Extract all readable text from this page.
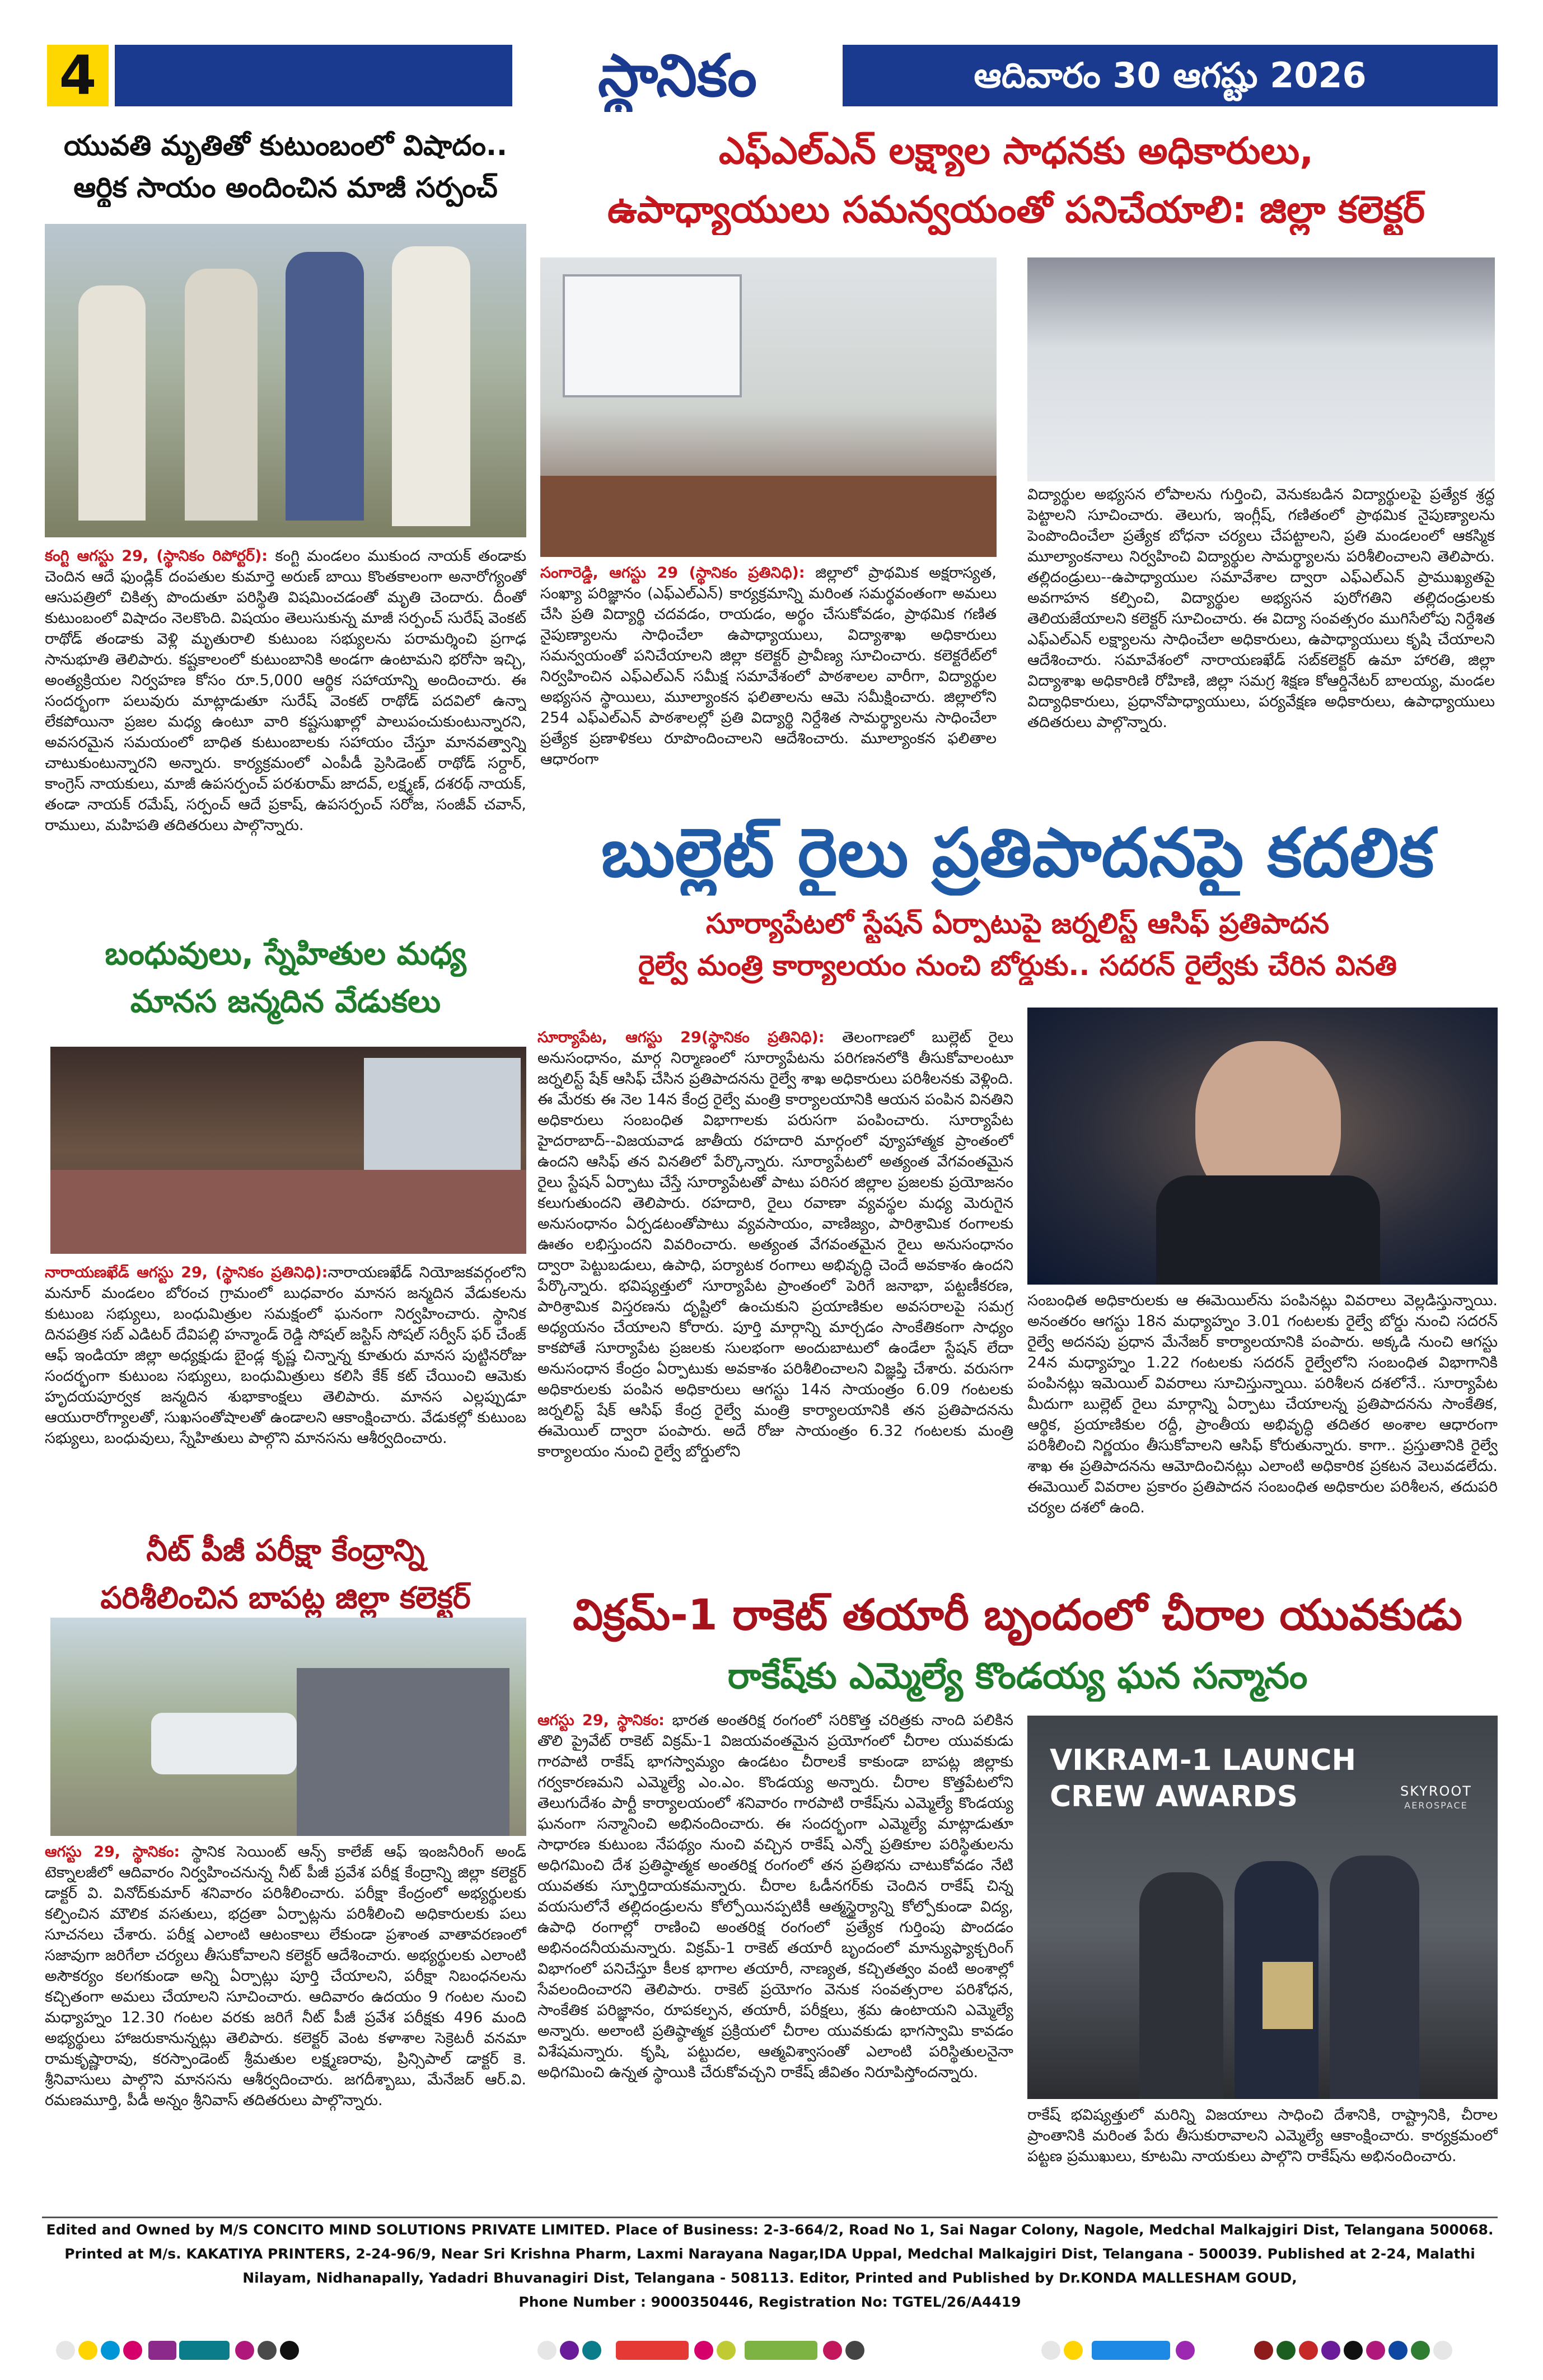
4	స్థానికం	ఆదివారం 30 ఆగష్టు 2026
యువతి మృతితో కుటుంబంలో విషాదం..
ఆర్థిక సాయం అందించిన మాజీ సర్పంచ్
కంగ్టి ఆగస్టు 29, (స్థానికం రిపోర్టర్): కంగ్టి మండలం ముకుంద నాయక్ తండాకు చెందిన ఆదే ఫుండ్లిక్ దంపతుల కుమార్తె అరుణ్ బాయి కొంతకాలంగా అనారోగ్యంతో ఆసుపత్రిలో చికిత్స పొందుతూ పరిస్థితి విషమించడంతో మృతి చెందారు. దీంతో కుటుంబంలో విషాదం నెలకొంది. విషయం తెలుసుకున్న మాజీ సర్పంచ్ సురేష్ వెంకట్ రాథోడ్ తండాకు వెళ్లి మృతురాలి కుటుంబ సభ్యులను పరామర్శించి ప్రగాఢ సానుభూతి తెలిపారు. కష్టకాలంలో కుటుంబానికి అండగా ఉంటామని భరోసా ఇచ్చి, అంత్యక్రియల నిర్వహణ కోసం రూ.5,000 ఆర్థిక సహాయాన్ని అందించారు. ఈ సందర్భంగా పలువురు మాట్లాడుతూ సురేష్ వెంకట్ రాథోడ్ పదవిలో ఉన్నా లేకపోయినా ప్రజల మధ్య ఉంటూ వారి కష్టసుఖాల్లో పాలుపంచుకుంటున్నారని, అవసరమైన సమయంలో బాధిత కుటుంబాలకు సహాయం చేస్తూ మానవత్వాన్ని చాటుకుంటున్నారని అన్నారు. కార్యక్రమంలో ఎంపీడీ ప్రెసిడెంట్ రాథోడ్ సర్దార్, కాంగ్రెస్ నాయకులు, మాజీ ఉపసర్పంచ్ పరశురామ్ జాదవ్, లక్ష్మణ్, దశరథ్ నాయక్, తండా నాయక్ రమేష్, సర్పంచ్ ఆదే ప్రకాష్, ఉపసర్పంచ్ సరోజ, సంజీవ్ చవాన్, రాములు, మహిపతి తదితరులు పాల్గొన్నారు.
బంధువులు, స్నేహితుల మధ్య
మానస జన్మదిన వేడుకలు
నారాయణఖేడ్ ఆగస్టు 29, (స్థానికం ప్రతినిధి):నారాయణఖేడ్ నియోజకవర్గంలోని మనూర్ మండలం బోరంచ గ్రామంలో బుధవారం మానస జన్మదిన వేడుకలను కుటుంబ సభ్యులు, బంధుమిత్రుల సమక్షంలో ఘనంగా నిర్వహించారు. స్థానిక దినపత్రిక సబ్ ఎడిటర్ దేవిపల్లి హన్మాండ్ రెడ్డి సోషల్ జస్టిస్ సోషల్ సర్వీస్ ఫర్ చేంజ్ ఆఫ్ ఇండియా జిల్లా అధ్యక్షుడు బైండ్ల కృష్ణ చిన్నాన్న కూతురు మానస పుట్టినరోజు సందర్భంగా కుటుంబ సభ్యులు, బంధుమిత్రులు కలిసి కేక్ కట్ చేయించి ఆమెకు హృదయపూర్వక జన్మదిన శుభాకాంక్షలు తెలిపారు. మానస ఎల్లప్పుడూ ఆయురారోగ్యాలతో, సుఖసంతోషాలతో ఉండాలని ఆకాంక్షించారు. వేడుకల్లో కుటుంబ సభ్యులు, బంధువులు, స్నేహితులు పాల్గొని మానసను ఆశీర్వదించారు.
నీట్ పీజీ పరీక్షా కేంద్రాన్ని
పరిశీలించిన బాపట్ల జిల్లా కలెక్టర్
ఆగస్టు 29, స్థానికం: స్థానిక సెయింట్ ఆన్స్ కాలేజ్ ఆఫ్ ఇంజనీరింగ్ అండ్ టెక్నాలజీలో ఆదివారం నిర్వహించనున్న నీట్ పీజీ ప్రవేశ పరీక్ష కేంద్రాన్ని జిల్లా కలెక్టర్ డాక్టర్ వి. వినోద్‌కుమార్ శనివారం పరిశీలించారు. పరీక్షా కేంద్రంలో అభ్యర్థులకు కల్పించిన మౌలిక వసతులు, భద్రతా ఏర్పాట్లను పరిశీలించి అధికారులకు పలు సూచనలు చేశారు. పరీక్ష ఎలాంటి ఆటంకాలు లేకుండా ప్రశాంత వాతావరణంలో సజావుగా జరిగేలా చర్యలు తీసుకోవాలని కలెక్టర్ ఆదేశించారు. అభ్యర్థులకు ఎలాంటి అసౌకర్యం కలగకుండా అన్ని ఏర్పాట్లు పూర్తి చేయాలని, పరీక్షా నిబంధనలను కచ్చితంగా అమలు చేయాలని సూచించారు. ఆదివారం ఉదయం 9 గంటల నుంచి మధ్యాహ్నం 12.30 గంటల వరకు జరిగే నీట్ పీజీ ప్రవేశ పరీక్షకు 496 మంది అభ్యర్థులు హాజరుకానున్నట్లు తెలిపారు. కలెక్టర్ వెంట కళాశాల సెక్రెటరీ వనమా రామకృష్ణారావు, కరస్పాండెంట్ శ్రీమతుల లక్ష్మణరావు, ప్రిన్సిపాల్ డాక్టర్ కె. శ్రీనివాసులు పాల్గొని మానసను ఆశీర్వదించారు. జగదీశ్బాబు, మేనేజర్ ఆర్.వి. రమణమూర్తి, పీడీ అన్నం శ్రీనివాస్ తదితరులు పాల్గొన్నారు.
ఎఫ్ఎల్ఎన్ లక్ష్యాల సాధనకు అధికారులు,
ఉపాధ్యాయులు సమన్వయంతో పనిచేయాలి: జిల్లా కలెక్టర్
సంగారెడ్డి, ఆగస్టు 29 (స్థానికం ప్రతినిధి): జిల్లాలో ప్రాథమిక అక్షరాస్యత, సంఖ్యా పరిజ్ఞానం (ఎఫ్ఎల్ఎన్) కార్యక్రమాన్ని మరింత సమర్థవంతంగా అమలు చేసి ప్రతి విద్యార్థి చదవడం, రాయడం, అర్థం చేసుకోవడం, ప్రాథమిక గణిత నైపుణ్యాలను సాధించేలా ఉపాధ్యాయులు, విద్యాశాఖ అధికారులు సమన్వయంతో పనిచేయాలని జిల్లా కలెక్టర్ ప్రావీణ్య సూచించారు. కలెక్టరేట్‌లో నిర్వహించిన ఎఫ్ఎల్ఎన్ సమీక్ష సమావేశంలో పాఠశాలల వారీగా, విద్యార్థుల అభ్యసన స్థాయిలు, మూల్యాంకన ఫలితాలను ఆమె సమీక్షించారు. జిల్లాలోని 254 ఎఫ్ఎల్ఎన్ పాఠశాలల్లో ప్రతి విద్యార్థి నిర్దేశిత సామర్థ్యాలను సాధించేలా ప్రత్యేక ప్రణాళికలు రూపొందించాలని ఆదేశించారు. మూల్యాంకన ఫలితాల ఆధారంగా
విద్యార్థుల అభ్యసన లోపాలను గుర్తించి, వెనుకబడిన విద్యార్థులపై ప్రత్యేక శ్రద్ధ పెట్టాలని సూచించారు. తెలుగు, ఇంగ్లీష్, గణితంలో ప్రాథమిక నైపుణ్యాలను పెంపొందించేలా ప్రత్యేక బోధనా చర్యలు చేపట్టాలని, ప్రతి మండలంలో ఆకస్మిక మూల్యాంకనాలు నిర్వహించి విద్యార్థుల సామర్థ్యాలను పరిశీలించాలని తెలిపారు. తల్లిదండ్రులు--ఉపాధ్యాయుల సమావేశాల ద్వారా ఎఫ్ఎల్ఎన్ ప్రాముఖ్యతపై అవగాహన కల్పించి, విద్యార్థుల అభ్యసన పురోగతిని తల్లిదండ్రులకు తెలియజేయాలని కలెక్టర్ సూచించారు. ఈ విద్యా సంవత్సరం ముగిసేలోపు నిర్దేశిత ఎఫ్ఎల్ఎన్ లక్ష్యాలను సాధించేలా అధికారులు, ఉపాధ్యాయులు కృషి చేయాలని ఆదేశించారు. సమావేశంలో నారాయణఖేడ్ సబ్‌కలెక్టర్ ఉమా హారతి, జిల్లా విద్యాశాఖ అధికారిణి రోహిణి, జిల్లా సమగ్ర శిక్షణ కోఆర్డినేటర్ బాలయ్య, మండల విద్యాధికారులు, ప్రధానోపాధ్యాయులు, పర్యవేక్షణ అధికారులు, ఉపాధ్యాయులు తదితరులు పాల్గొన్నారు.
బుల్లెట్ రైలు ప్రతిపాదనపై కదలిక
సూర్యాపేటలో స్టేషన్ ఏర్పాటుపై జర్నలిస్ట్ ఆసిఫ్ ప్రతిపాదన
రైల్వే మంత్రి కార్యాలయం నుంచి బోర్డుకు.. సదరన్ రైల్వేకు చేరిన వినతి
సూర్యాపేట, ఆగస్టు 29(స్థానికం ప్రతినిధి): తెలంగాణలో బుల్లెట్ రైలు అనుసంధానం, మార్గ నిర్మాణంలో సూర్యాపేటను పరిగణనలోకి తీసుకోవాలంటూ జర్నలిస్ట్ షేక్ ఆసిఫ్ చేసిన ప్రతిపాదనను రైల్వే శాఖ అధికారులు పరిశీలనకు వెళ్లింది. ఈ మేరకు ఈ నెల 14న కేంద్ర రైల్వే మంత్రి కార్యాలయానికి ఆయన పంపిన వినతిని అధికారులు సంబంధిత విభాగాలకు పరుసగా పంపించారు. సూర్యాపేట హైదరాబాద్--విజయవాడ జాతీయ రహదారి మార్గంలో వ్యూహాత్మక ప్రాంతంలో ఉందని ఆసిఫ్ తన వినతిలో పేర్కొన్నారు. సూర్యాపేటలో అత్యంత వేగవంతమైన రైలు స్టేషన్ ఏర్పాటు చేస్తే సూర్యాపేటతో పాటు పరిసర జిల్లాల ప్రజలకు ప్రయోజనం కలుగుతుందని తెలిపారు. రహదారి, రైలు రవాణా వ్యవస్థల మధ్య మెరుగైన అనుసంధానం ఏర్పడటంతోపాటు వ్యవసాయం, వాణిజ్యం, పారిశ్రామిక రంగాలకు ఊతం లభిస్తుందని వివరించారు. అత్యంత వేగవంతమైన రైలు అనుసంధానం ద్వారా పెట్టుబడులు, ఉపాధి, పర్యాటక రంగాలు అభివృద్ధి చెందే అవకాశం ఉందని పేర్కొన్నారు. భవిష్యత్తులో సూర్యాపేట ప్రాంతంలో పెరిగే జనాభా, పట్టణీకరణ, పారిశ్రామిక విస్తరణను దృష్టిలో ఉంచుకుని ప్రయాణికుల అవసరాలపై సమగ్ర అధ్యయనం చేయాలని కోరారు. పూర్తి మార్గాన్ని మార్చడం సాంకేతికంగా సాధ్యం కాకపోతే సూర్యాపేట ప్రజలకు సులభంగా అందుబాటులో ఉండేలా స్టేషన్ లేదా అనుసంధాన కేంద్రం ఏర్పాటుకు అవకాశం పరిశీలించాలని విజ్ఞప్తి చేశారు. వరుసగా అధికారులకు పంపిన అధికారులు ఆగస్టు 14న సాయంత్రం 6.09 గంటలకు జర్నలిస్ట్ షేక్ ఆసిఫ్ కేంద్ర రైల్వే మంత్రి కార్యాలయానికి తన ప్రతిపాదనను ఈమెయిల్ ద్వారా పంపారు. అదే రోజు సాయంత్రం 6.32 గంటలకు మంత్రి కార్యాలయం నుంచి రైల్వే బోర్డులోని
సంబంధిత అధికారులకు ఆ ఈమెయిల్‌ను పంపినట్లు వివరాలు వెల్లడిస్తున్నాయి. అనంతరం ఆగస్టు 18న మధ్యాహ్నం 3.01 గంటలకు రైల్వే బోర్డు నుంచి సదరన్ రైల్వే అదనపు ప్రధాన మేనేజర్ కార్యాలయానికి పంపారు. అక్కడి నుంచి ఆగస్టు 24న మధ్యాహ్నం 1.22 గంటలకు సదరన్ రైల్వేలోని సంబంధిత విభాగానికి పంపినట్లు ఇమెయిల్ వివరాలు సూచిస్తున్నాయి. పరిశీలన దశలోనే.. సూర్యాపేట మీదుగా బుల్లెట్ రైలు మార్గాన్ని ఏర్పాటు చేయాలన్న ప్రతిపాదనను సాంకేతిక, ఆర్థిక, ప్రయాణికుల రద్దీ, ప్రాంతీయ అభివృద్ధి తదితర అంశాల ఆధారంగా పరిశీలించి నిర్ణయం తీసుకోవాలని ఆసిఫ్ కోరుతున్నారు. కాగా.. ప్రస్తుతానికి రైల్వే శాఖ ఈ ప్రతిపాదనను ఆమోదించినట్లు ఎలాంటి అధికారిక ప్రకటన వెలువడలేదు. ఈమెయిల్ వివరాల ప్రకారం ప్రతిపాదన సంబంధిత అధికారుల పరిశీలన, తదుపరి చర్యల దశలో ఉంది.
విక్రమ్-1 రాకెట్ తయారీ బృందంలో చీరాల యువకుడు
రాకేష్‌కు ఎమ్మెల్యే కొండయ్య ఘన సన్మానం
ఆగస్టు 29, స్థానికం: భారత అంతరిక్ష రంగంలో సరికొత్త చరిత్రకు నాంది పలికిన తొలి ప్రైవేట్ రాకెట్ విక్రమ్-1 విజయవంతమైన ప్రయోగంలో చీరాల యువకుడు గారపాటి రాకేష్ భాగస్వామ్యం ఉండటం చీరాలకే కాకుండా బాపట్ల జిల్లాకు గర్వకారణమని ఎమ్మెల్యే ఎం.ఎం. కొండయ్య అన్నారు. చీరాల కొత్తపేటలోని తెలుగుదేశం పార్టీ కార్యాలయంలో శనివారం గారపాటి రాకేష్‌ను ఎమ్మెల్యే కొండయ్య ఘనంగా సన్మానించి అభినందించారు. ఈ సందర్భంగా ఎమ్మెల్యే మాట్లాడుతూ సాధారణ కుటుంబ నేపథ్యం నుంచి వచ్చిన రాకేష్ ఎన్నో ప్రతికూల పరిస్థితులను అధిగమించి దేశ ప్రతిష్ఠాత్మక అంతరిక్ష రంగంలో తన ప్రతిభను చాటుకోవడం నేటి యువతకు స్ఫూర్తిదాయకమన్నారు. చీరాల ఓడీనగర్‌కు చెందిన రాకేష్ చిన్న వయసులోనే తల్లిదండ్రులను కోల్పోయినప్పటికీ ఆత్మస్థైర్యాన్ని కోల్పోకుండా విద్య, ఉపాధి రంగాల్లో రాణించి అంతరిక్ష రంగంలో ప్రత్యేక గుర్తింపు పొందడం అభినందనీయమన్నారు. విక్రమ్-1 రాకెట్ తయారీ బృందంలో మాన్యుఫ్యాక్చరింగ్ విభాగంలో పనిచేస్తూ కీలక భాగాల తయారీ, నాణ్యత, కచ్చితత్వం వంటి అంశాల్లో సేవలందించారని తెలిపారు. రాకెట్ ప్రయోగం వెనుక సంవత్సరాల పరిశోధన, సాంకేతిక పరిజ్ఞానం, రూపకల్పన, తయారీ, పరీక్షలు, శ్రమ ఉంటాయని ఎమ్మెల్యే అన్నారు. అలాంటి ప్రతిష్ఠాత్మక ప్రక్రియలో చీరాల యువకుడు భాగస్వామి కావడం విశేషమన్నారు. కృషి, పట్టుదల, ఆత్మవిశ్వాసంతో ఎలాంటి పరిస్థితులనైనా అధిగమించి ఉన్నత స్థాయికి చేరుకోవచ్చని రాకేష్ జీవితం నిరూపిస్తోందన్నారు.
VIKRAM-1 LAUNCH
CREW AWARDS	SKYROOT
AEROSPACE
రాకేష్ భవిష్యత్తులో మరిన్ని విజయాలు సాధించి దేశానికి, రాష్ట్రానికి, చీరాల ప్రాంతానికి మరింత పేరు తీసుకురావాలని ఎమ్మెల్యే ఆకాంక్షించారు. కార్యక్రమంలో పట్టణ ప్రముఖులు, కూటమి నాయకులు పాల్గొని రాకేష్‌ను అభినందించారు.
Edited and Owned by M/S CONCITO MIND SOLUTIONS PRIVATE LIMITED. Place of Business: 2-3-664/2, Road No 1, Sai Nagar Colony, Nagole, Medchal Malkajgiri Dist, Telangana 500068.
Printed at M/s. KAKATIYA PRINTERS, 2-24-96/9, Near Sri Krishna Pharm, Laxmi Narayana Nagar,IDA Uppal, Medchal Malkajgiri Dist, Telangana - 500039. Published at 2-24, Malathi
Nilayam, Nidhanapally, Yadadri Bhuvanagiri Dist, Telangana - 508113. Editor, Printed and Published by Dr.KONDA MALLESHAM GOUD,
Phone Number : 9000350446, Registration No: TGTEL/26/A4419
